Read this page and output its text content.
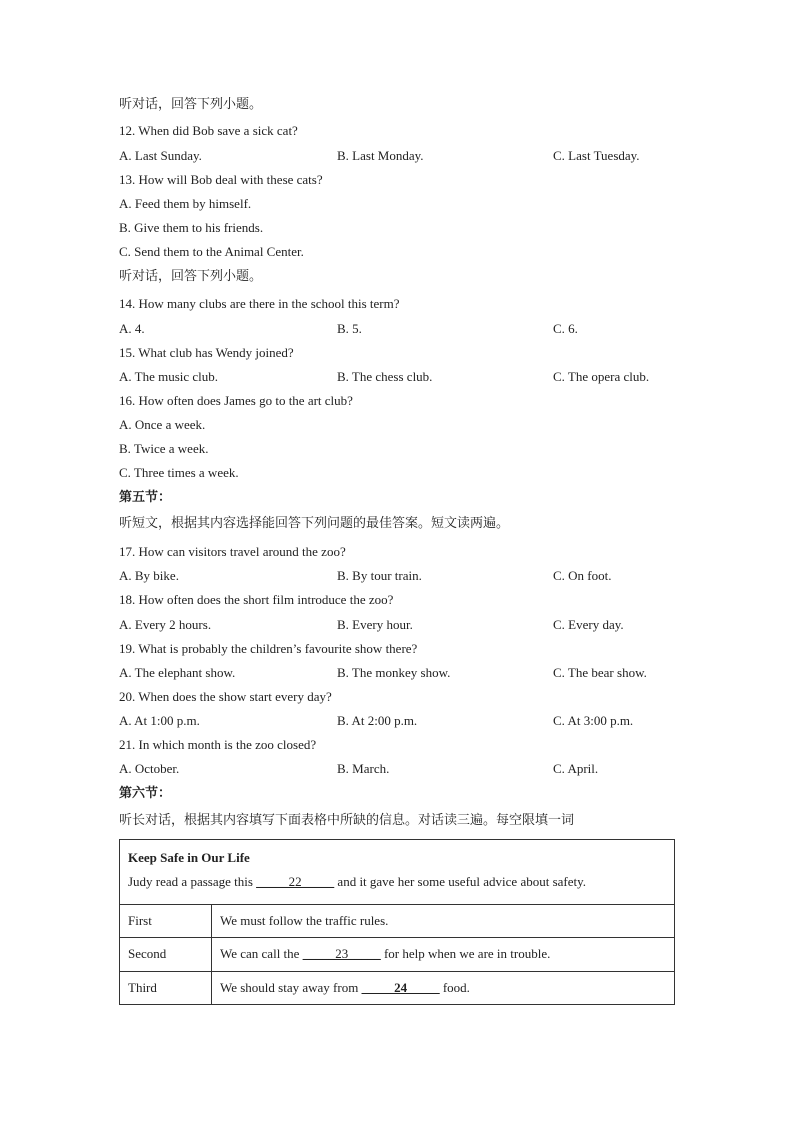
听对话，回答下列小题。
12. When did Bob save a sick cat?
A. Last Sunday.	B. Last Monday.	C. Last Tuesday.
13. How will Bob deal with these cats?
A. Feed them by himself.
B. Give them to his friends.
C. Send them to the Animal Center.
听对话，回答下列小题。
14. How many clubs are there in the school this term?
A. 4.	B. 5.	C. 6.
15. What club has Wendy joined?
A. The music club.	B. The chess club.	C. The opera club.
16. How often does James go to the art club?
A. Once a week.
B. Twice a week.
C. Three times a week.
第五节：
听短文，根据其内容选择能回答下列问题的最佳答案。短文读两遍。
17. How can visitors travel around the zoo?
A. By bike.	B. By tour train.	C. On foot.
18. How often does the short film introduce the zoo?
A. Every 2 hours.	B. Every hour.	C. Every day.
19. What is probably the children’s favourite show there?
A. The elephant show.	B. The monkey show.	C. The bear show.
20. When does the show start every day?
A. At 1:00 p.m.	B. At 2:00 p.m.	C. At 3:00 p.m.
21. In which month is the zoo closed?
A. October.	B. March.	C. April.
第六节：
听长对话，根据其内容填写下面表格中所缺的信息。对话读三遍。每空限填一词
Keep Safe in Our Life
Judy read a passage this _____22_____ and it gave her some useful advice about safety.	

First	We must follow the traffic rules.
Second	We can call the _____23_____ for help when we are in trouble.
Third	We should stay away from _____24_____ food.
